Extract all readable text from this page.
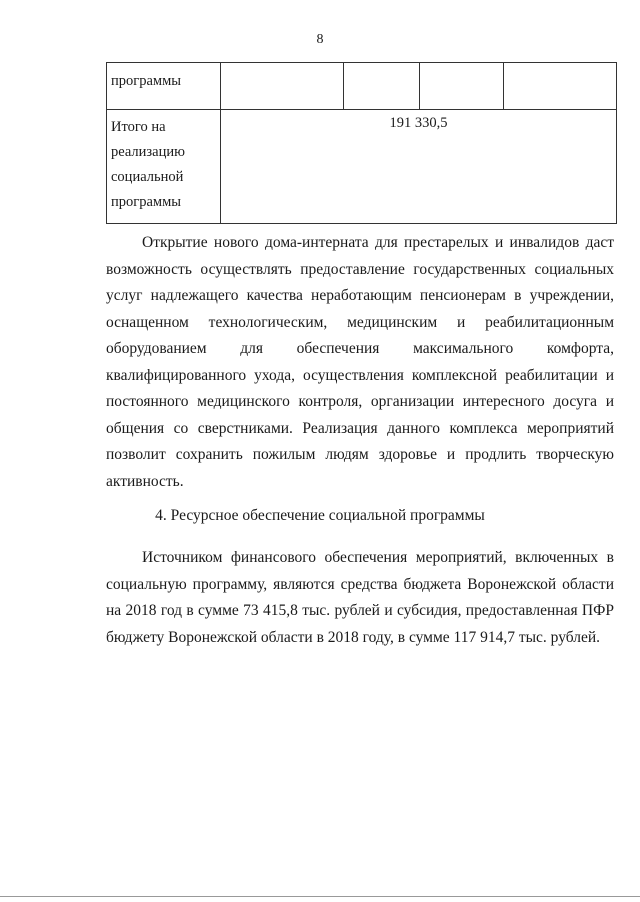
8
программы				
Итого на реализацию социальной программы	191 330,5			
Открытие нового дома-интерната для престарелых и инвалидов даст возможность осуществлять предоставление государственных социальных услуг надлежащего качества неработающим пенсионерам в учреждении, оснащенном технологическим, медицинским и реабилитационным оборудованием для обеспечения максимального комфорта, квалифицированного ухода, осуществления комплексной реабилитации и постоянного медицинского контроля, организации интересного досуга и общения со сверстниками. Реализация данного комплекса мероприятий позволит сохранить пожилым людям здоровье и продлить творческую активность.
4. Ресурсное обеспечение социальной программы
Источником финансового обеспечения мероприятий, включенных в социальную программу, являются средства бюджета Воронежской области на 2018 год в сумме 73 415,8 тыс. рублей и субсидия, предоставленная ПФР бюджету Воронежской области в 2018 году, в сумме 117 914,7 тыс. рублей.
